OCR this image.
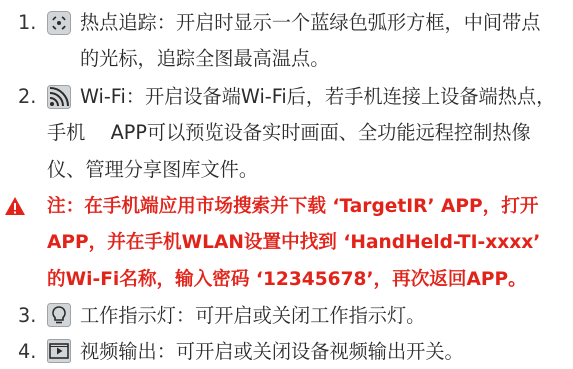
1. 热点追踪：开启时显示一个蓝绿色弧形方框，中间带点
的光标，追踪全图最高温点。
2. Wi-Fi：开启设备端Wi-Fi后，若手机连接上设备端热点，
手机　 APP可以预览设备实时画面、全功能远程控制热像
仪、管理分享图库文件。
注：在手机端应用市场搜索并下载 ‘TargetIR’ APP，打开
APP，并在手机WLAN设置中找到 ‘HandHeld-TI-xxxx’
的Wi-Fi名称，输入密码 ‘12345678’，再次返回APP。
3. 工作指示灯：可开启或关闭工作指示灯。
4. 视频输出：可开启或关闭设备视频输出开关。
